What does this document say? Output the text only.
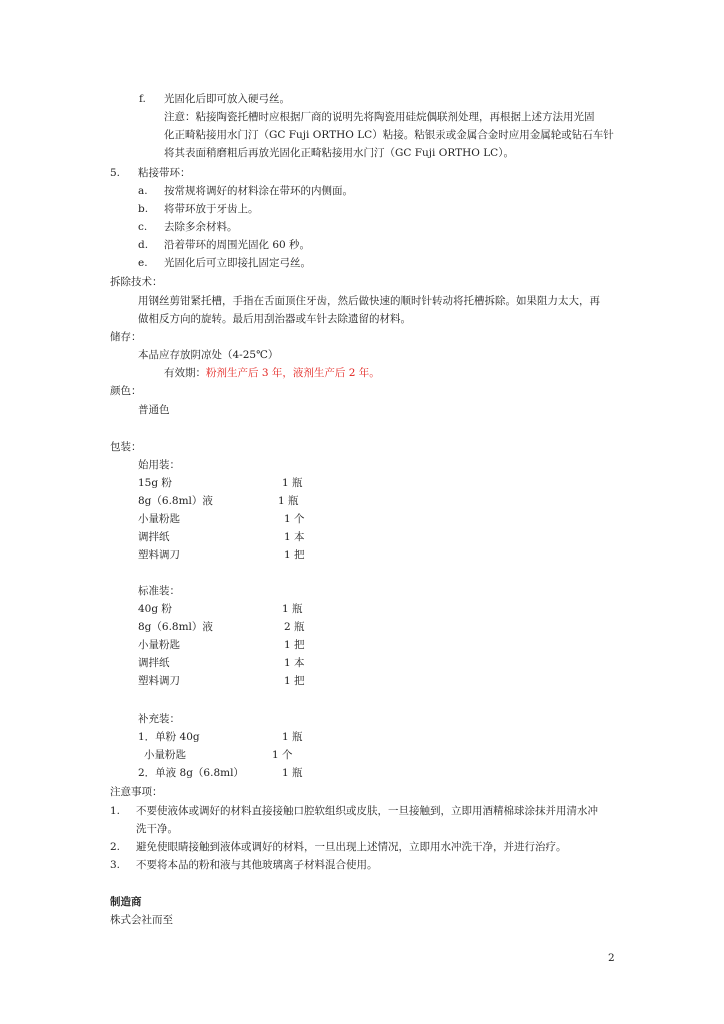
f. 光固化后即可放入硬弓丝。
注意：粘接陶瓷托槽时应根据厂商的说明先将陶瓷用硅烷偶联剂处理，再根据上述方法用光固
化正畸粘接用水门汀（GC Fuji ORTHO LC）粘接。粘银汞或金属合金时应用金属轮或钻石车针
将其表面稍磨粗后再放光固化正畸粘接用水门汀（GC Fuji ORTHO LC）。
5. 粘接带环：
a. 按常规将调好的材料涂在带环的内侧面。
b. 将带环放于牙齿上。
c. 去除多余材料。
d. 沿着带环的周围光固化 60 秒。
e. 光固化后可立即接扎固定弓丝。
拆除技术：
用钢丝剪钳紧托槽，手指在舌面顶住牙齿，然后做快速的顺时针转动将托槽拆除。如果阻力太大，再
做相反方向的旋转。最后用刮治器或车针去除遗留的材料。
储存：
本品应存放阴凉处（4-25℃）
有效期：粉剂生产后 3 年，液剂生产后 2 年。
颜色：
普通色
包装：
始用装：
15g 粉	1 瓶
8g（6.8ml）液	1 瓶
小量粉匙	1 个
调拌纸	1 本
塑料调刀	1 把
标准装：
40g 粉	1 瓶
8g（6.8ml）液	2 瓶
小量粉匙	1 把
调拌纸	1 本
塑料调刀	1 把
补充装：
1．单粉 40g	1 瓶
小量粉匙	1 个
2．单液 8g（6.8ml）	1 瓶
注意事项：
1. 不要使液体或调好的材料直接接触口腔软组织或皮肤，一旦接触到，立即用酒精棉球涂抹并用清水冲
洗干净。
2. 避免使眼睛接触到液体或调好的材料，一旦出现上述情况，立即用水冲洗干净，并进行治疗。
3. 不要将本品的粉和液与其他玻璃离子材料混合使用。
制造商
株式会社而至
2
